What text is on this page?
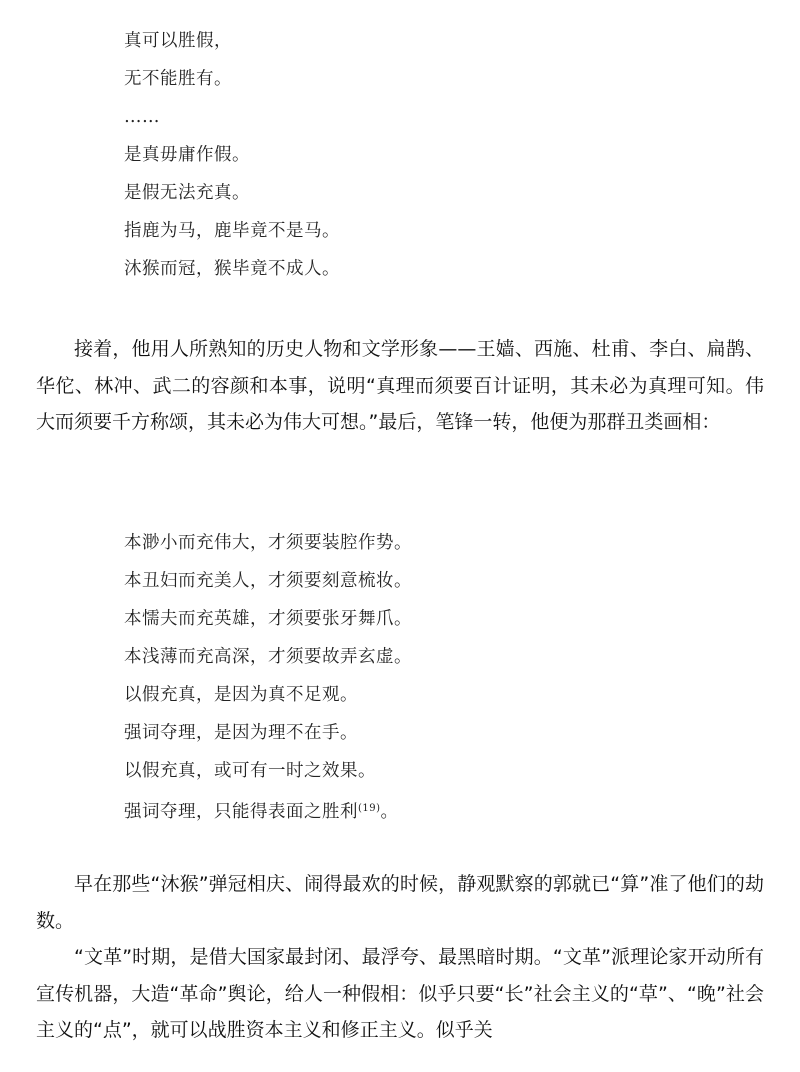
真可以胜假，
无不能胜有。
……
是真毋庸作假。
是假无法充真。
指鹿为马，鹿毕竟不是马。
沐猴而冠，猴毕竟不成人。

接着，他用人所熟知的历史人物和文学形象——王嫱、西施、杜甫、李白、扁鹊、华佗、林冲、武二的容颜和本事，说明“真理而须要百计证明，其未必为真理可知。伟大而须要千方称颂，其未必为伟大可想。”最后，笔锋一转，他便为那群丑类画相：

本渺小而充伟大，才须要装腔作势。
本丑妇而充美人，才须要刻意梳妆。
本懦夫而充英雄，才须要张牙舞爪。
本浅薄而充高深，才须要故弄玄虚。
以假充真，是因为真不足观。
强词夺理，是因为理不在手。
以假充真，或可有一时之效果。
强词夺理，只能得表面之胜利$^{(19)}$。

早在那些“沐猴”弹冠相庆、闹得最欢的时候，静观默察的郭就已“算”准了他们的劫数。

“文革”时期，是借大国家最封闭、最浮夸、最黑暗时期。“文革”派理论家开动所有宣传机器，大造“革命”舆论，给人一种假相：似乎只要“长”社会主义的“草”、“晚”社会主义的“点”，就可以战胜资本主义和修正主义。似乎关
